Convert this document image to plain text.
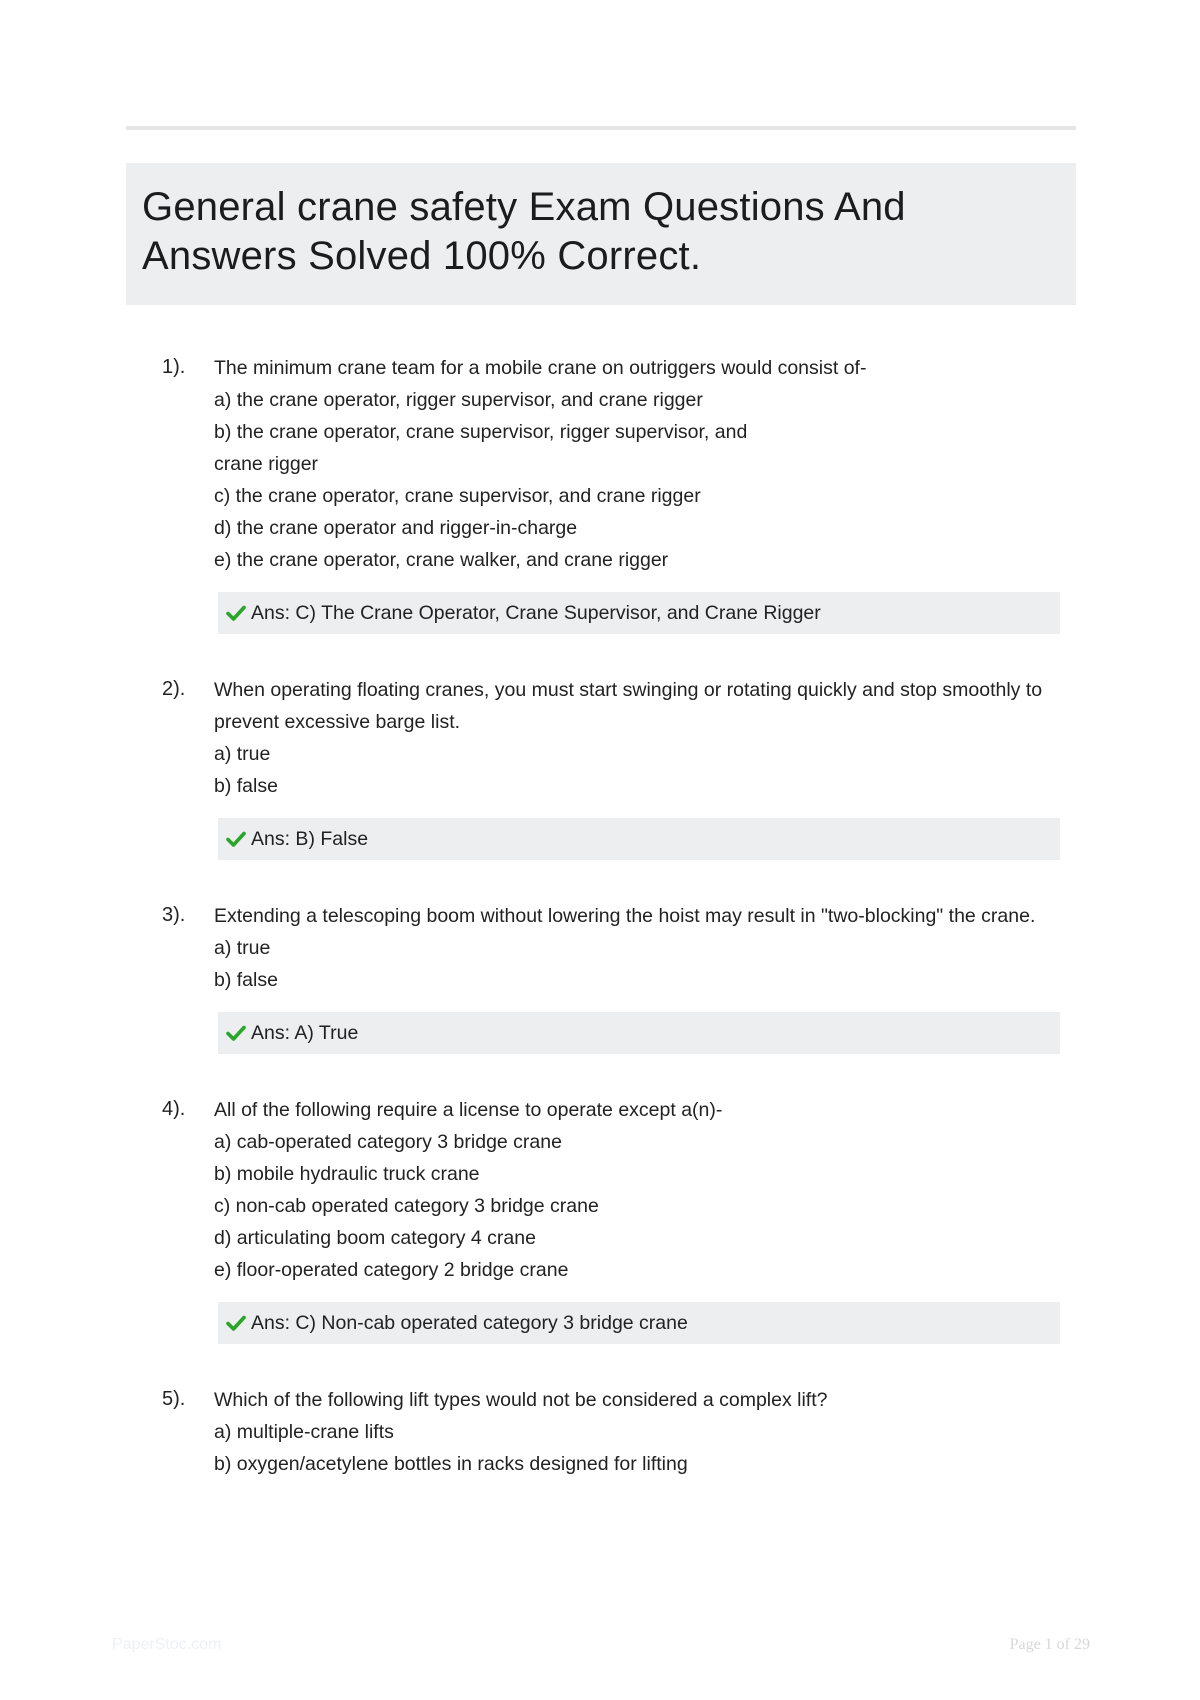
General crane safety Exam Questions And Answers Solved 100% Correct.
1). The minimum crane team for a mobile crane on outriggers would consist of-
a) the crane operator, rigger supervisor, and crane rigger
b) the crane operator, crane supervisor, rigger supervisor, and
crane rigger
c) the crane operator, crane supervisor, and crane rigger
d) the crane operator and rigger-in-charge
e) the crane operator, crane walker, and crane rigger
Ans: C) The Crane Operator, Crane Supervisor, and Crane Rigger
2). When operating floating cranes, you must start swinging or rotating quickly and stop smoothly to prevent excessive barge list.
a) true
b) false
Ans: B) False
3). Extending a telescoping boom without lowering the hoist may result in "two-blocking" the crane.
a) true
b) false
Ans: A) True
4). All of the following require a license to operate except a(n)-
a) cab-operated category 3 bridge crane
b) mobile hydraulic truck crane
c) non-cab operated category 3 bridge crane
d) articulating boom category 4 crane
e) floor-operated category 2 bridge crane
Ans: C) Non-cab operated category 3 bridge crane
5). Which of the following lift types would not be considered a complex lift?
a) multiple-crane lifts
b) oxygen/acetylene bottles in racks designed for lifting
PaperStoc.com	Page 1 of 29
